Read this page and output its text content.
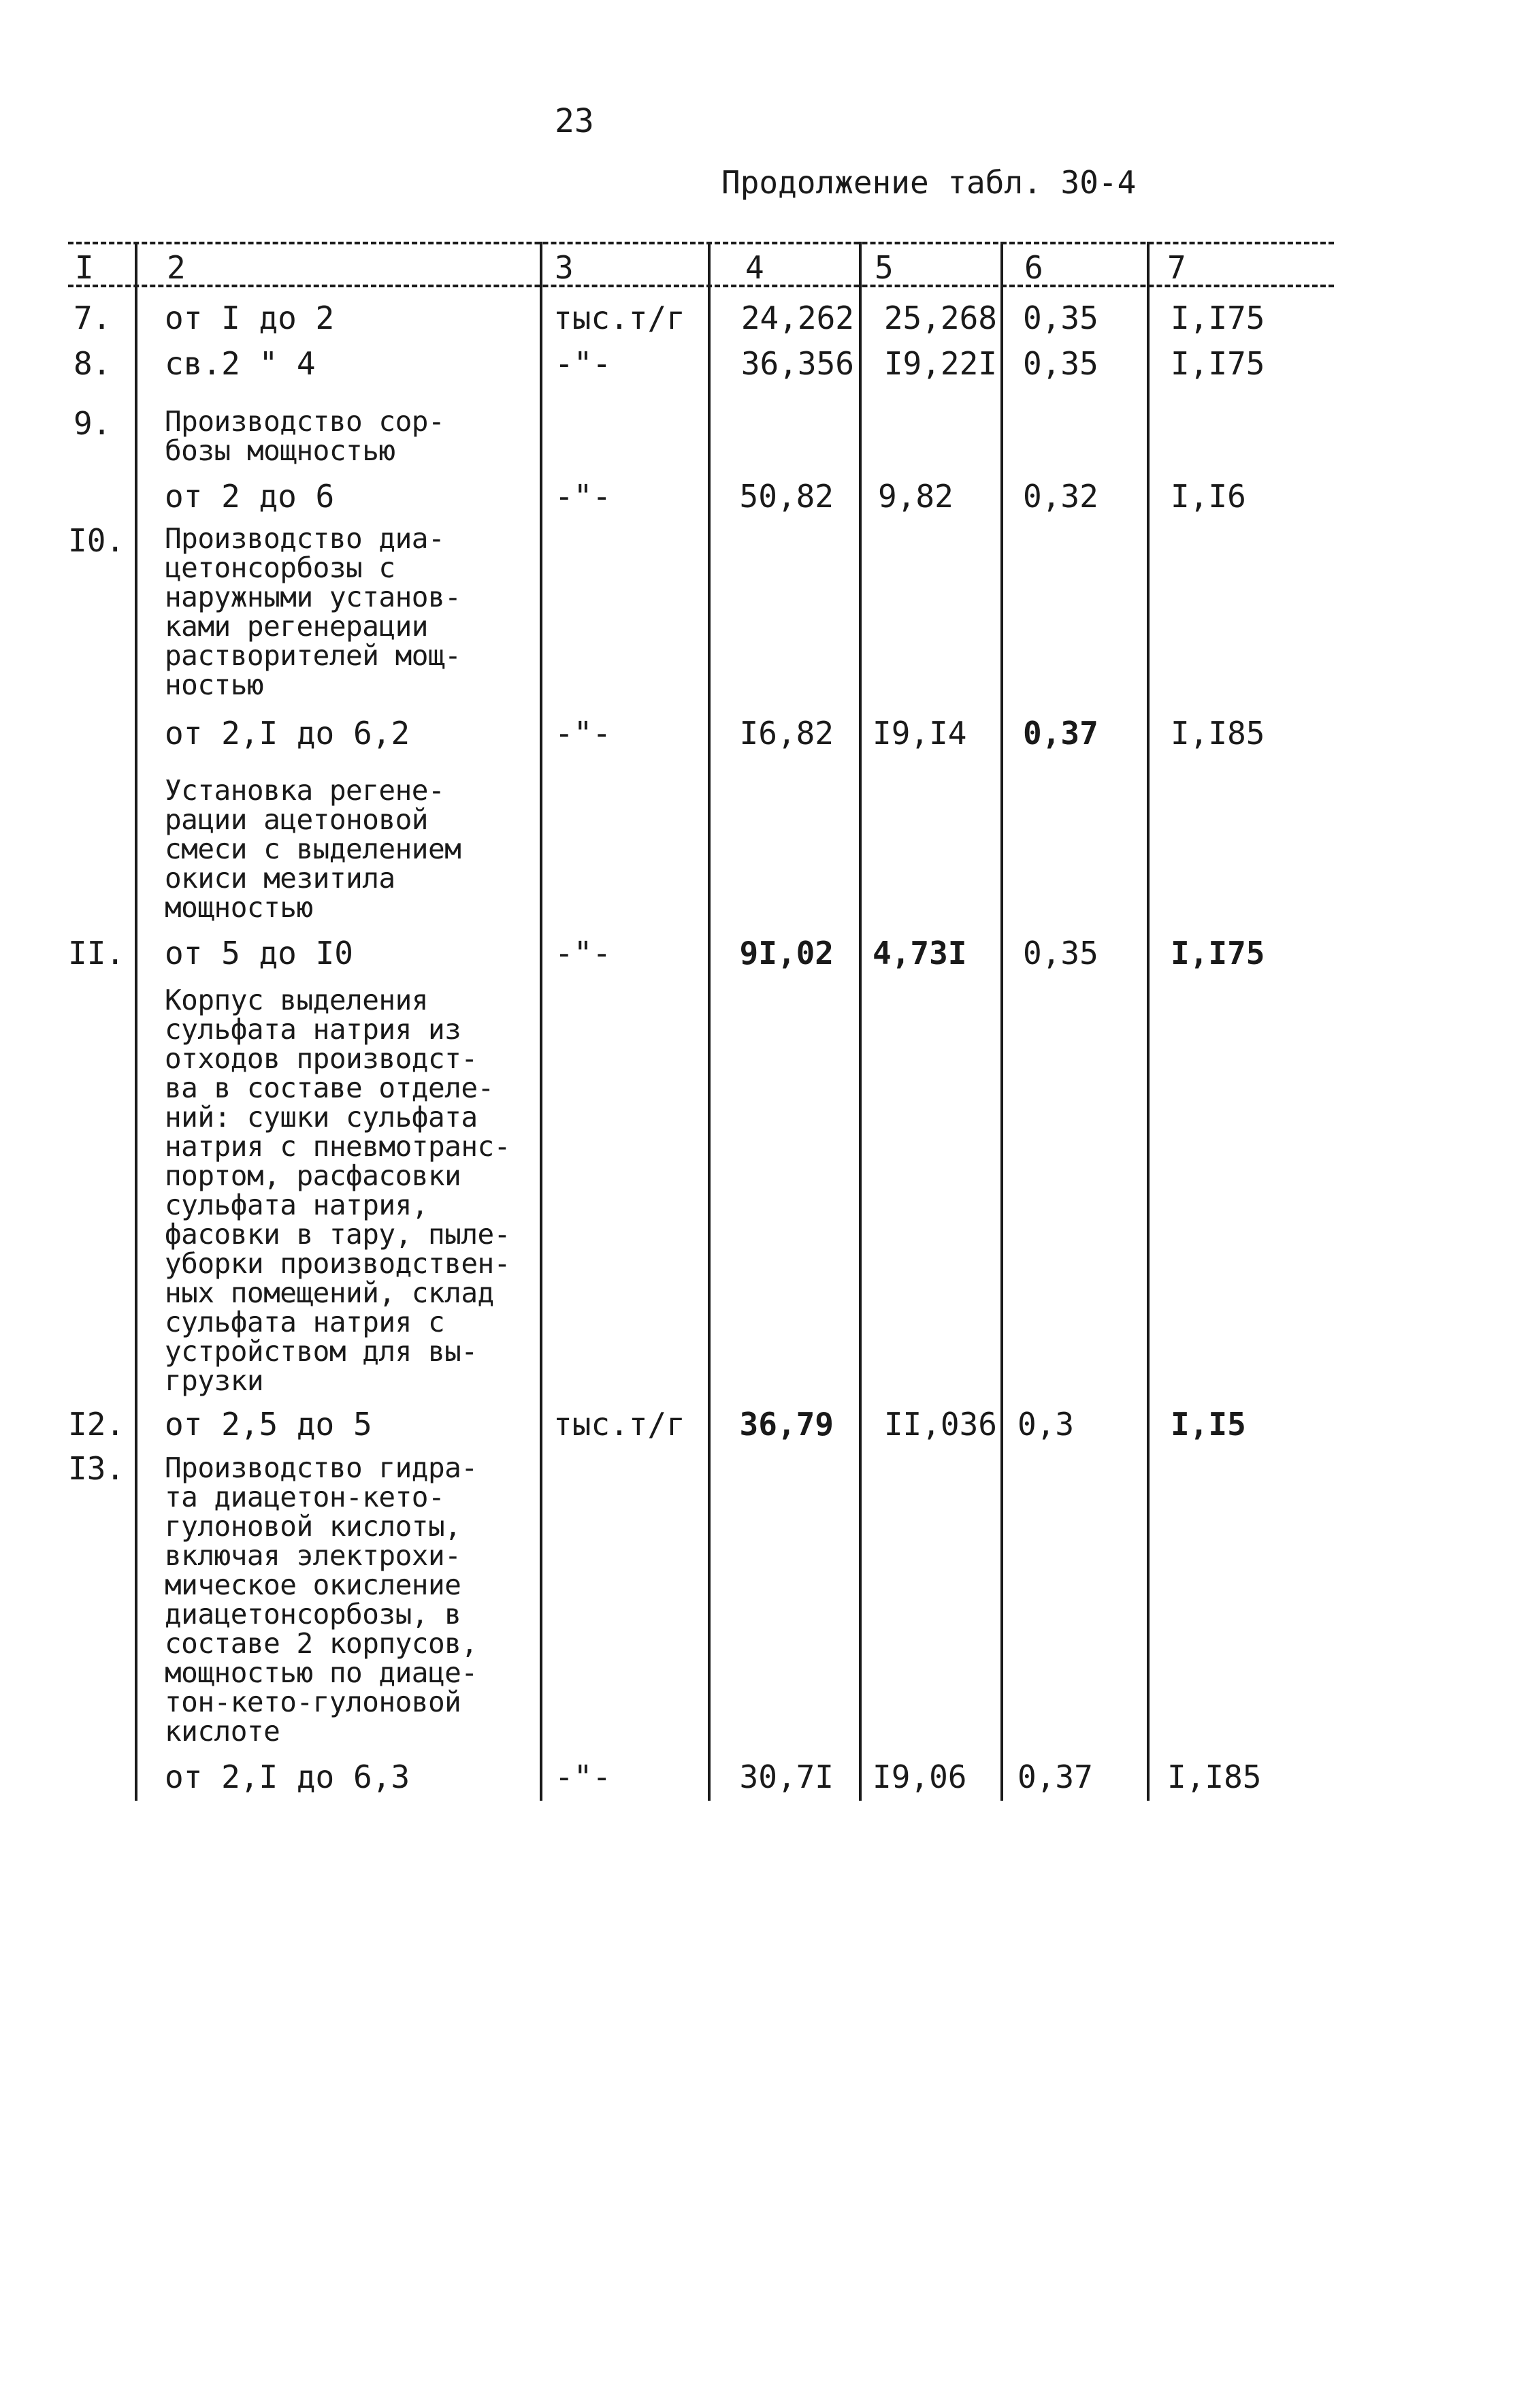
23
Продолжение табл. 30-4
I 2	3	4	5	6	7
7. от I до 2	тыс.т/г	24,262 25,268 0,35 I,I75
8. св.2 " 4	-"-	36,356 I9,22I 0,35 I,I75
9. Производство сор-
бозы мощностью
от 2 до 6	-"-	50,82 9,82 0,32 I,I6
I0. Производство диа-
цетонсорбозы с
наружными установ-
ками регенерации
растворителей мощ-
ностью
от 2,I до 6,2	-"-	I6,82 I9,I4 0,37 I,I85
Установка регене-
рации ацетоновой
смеси с выделением
окиси мезитила
мощностью
II. от 5 до I0	-"-	9I,02 4,73I 0,35 I,I75
Корпус выделения
сульфата натрия из
отходов производст-
ва в составе отделе-
ний: сушки сульфата
натрия с пневмотранс-
портом, расфасовки
сульфата натрия,
фасовки в тару, пыле-
уборки производствен-
ных помещений, склад
сульфата натрия с
устройством для вы-
грузки
I2. от 2,5 до 5	тыс.т/г	36,79	II,036 0,3	I,I5
I3. Производство гидра-
та диацетон-кето-
гулоновой кислоты,
включая электрохи-
мическое окисление
диацетонсорбозы, в
составе 2 корпусов,
мощностью по диаце-
тон-кето-гулоновой
кислоте
от 2,I до 6,3	-"-	30,7I I9,06 0,37 I,I85
